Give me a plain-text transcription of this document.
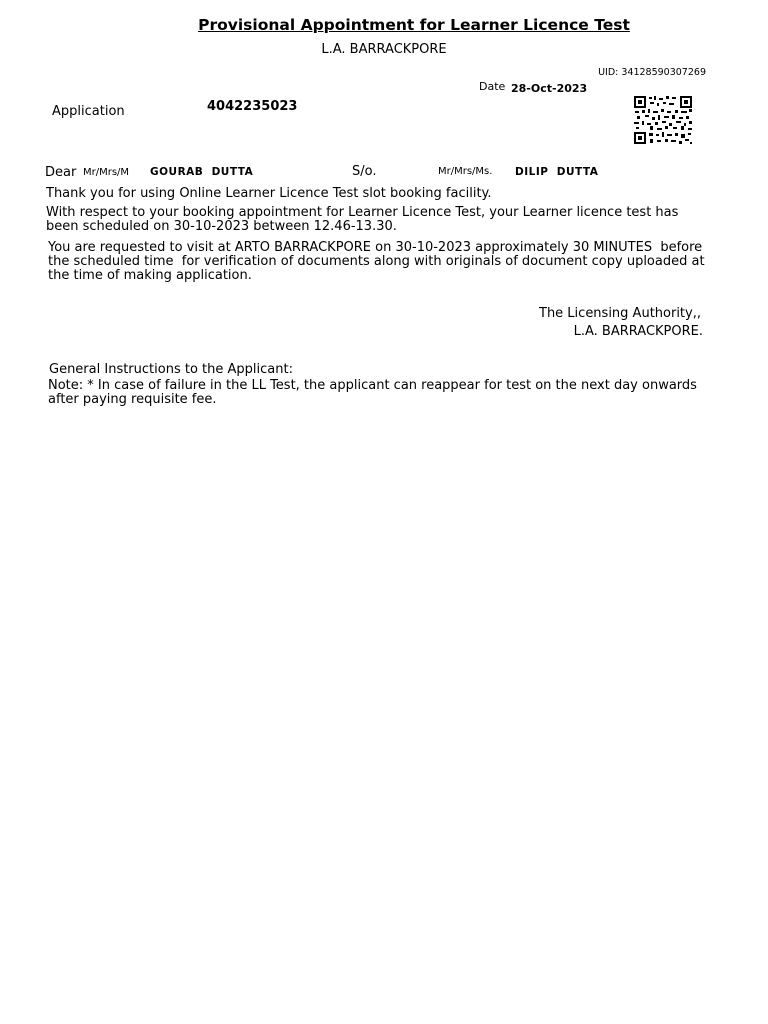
Provisional Appointment for Learner Licence Test
L.A. BARRACKPORE
UID: 34128590307269
Date 28-Oct-2023
Application	4042235023
Dear Mr/Mrs/M GOURAB  DUTTA	S/o.	Mr/Mrs/Ms. DILIP  DUTTA
Thank you for using Online Learner Licence Test slot booking facility.
With respect to your booking appointment for Learner Licence Test, your Learner licence test has been scheduled on 30-10-2023 between 12.46-13.30.
You are requested to visit at ARTO BARRACKPORE on 30-10-2023 approximately 30 MINUTES  before the scheduled time  for verification of documents along with originals of document copy uploaded at the time of making application.
The Licensing Authority,,
L.A. BARRACKPORE.
General Instructions to the Applicant:
Note: * In case of failure in the LL Test, the applicant can reappear for test on the next day onwards after paying requisite fee.
